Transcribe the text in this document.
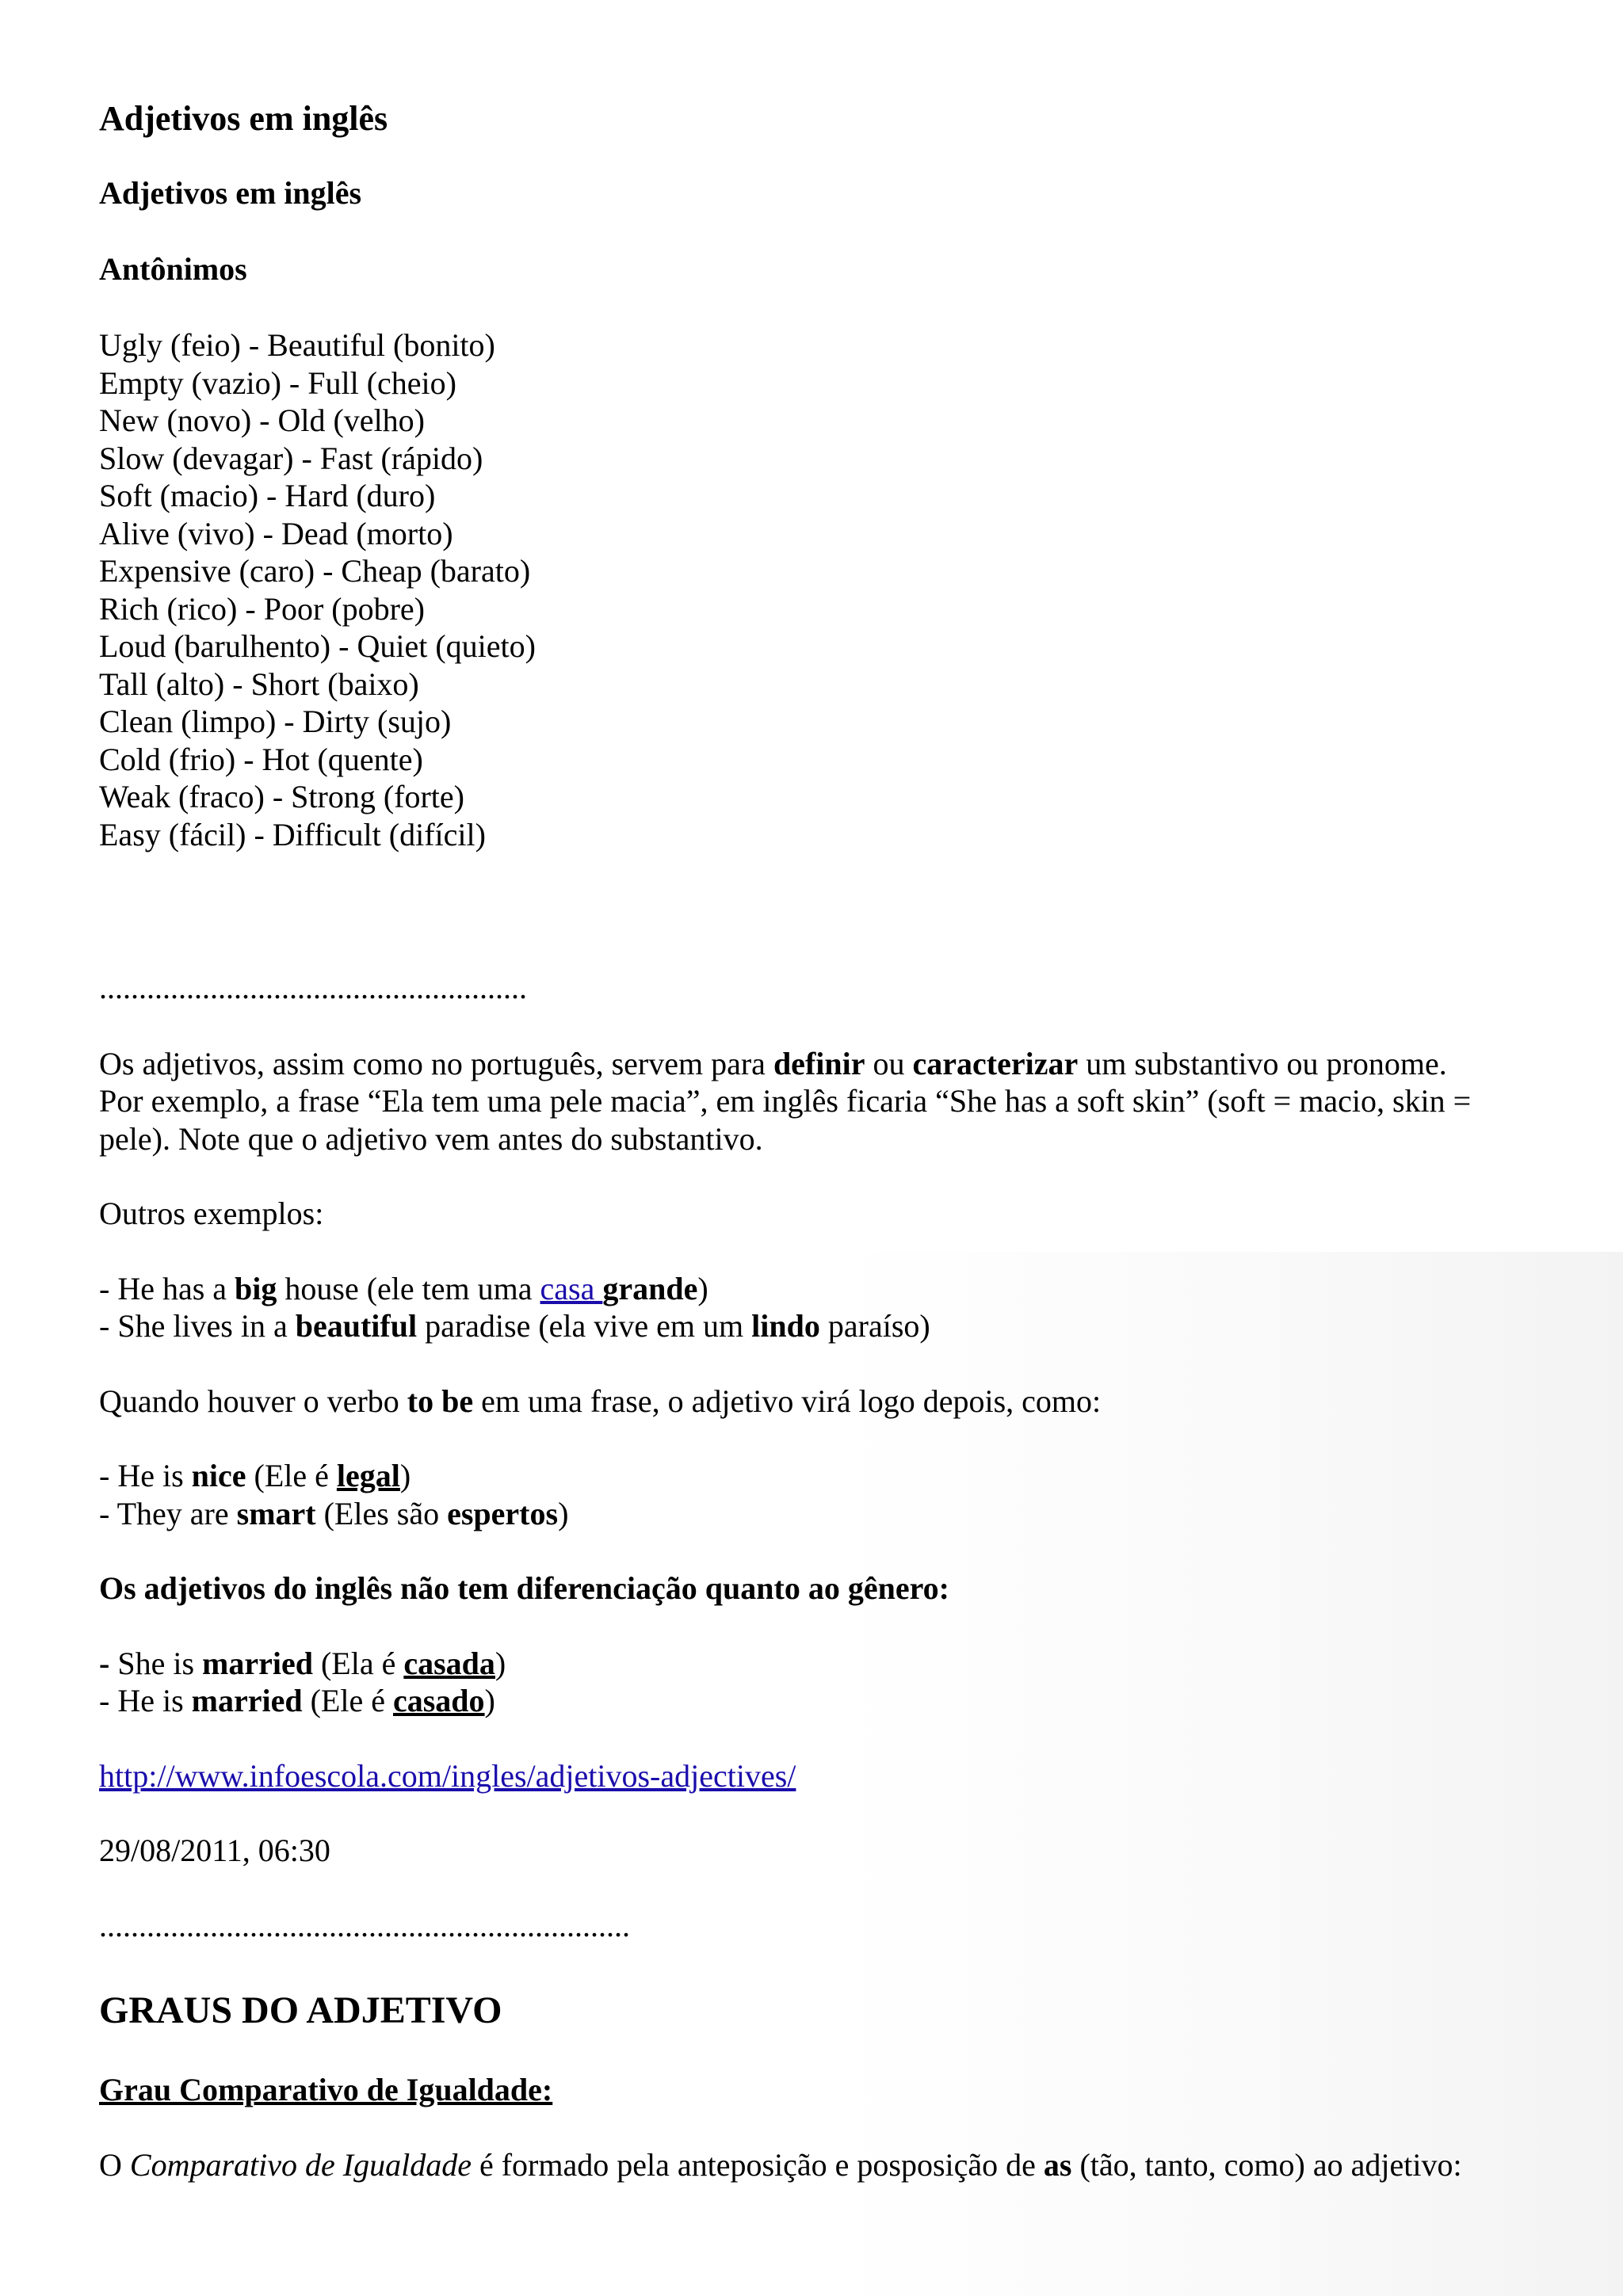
Adjetivos em inglês
Adjetivos em inglês
Antônimos
Ugly (feio) - Beautiful (bonito)
Empty (vazio) - Full (cheio)
New (novo) - Old (velho)
Slow (devagar) - Fast (rápido)
Soft (macio) - Hard (duro)
Alive (vivo) - Dead (morto)
Expensive (caro) - Cheap (barato)
Rich (rico) - Poor (pobre)
Loud (barulhento) - Quiet (quieto)
Tall (alto) - Short (baixo)
Clean (limpo) - Dirty (sujo)
Cold (frio) - Hot (quente)
Weak (fraco) - Strong (forte)
Easy (fácil) - Difficult (difícil)
......................................................

Os adjetivos, assim como no português, servem para definir ou caracterizar um substantivo ou pronome.

Por exemplo, a frase “Ela tem uma pele macia”, em inglês ficaria “She has a soft skin” (soft = macio, skin =

pele). Note que o adjetivo vem antes do substantivo.

Outros exemplos:

- He has a big house (ele tem uma casa grande)

- She lives in a beautiful paradise (ela vive em um lindo paraíso)

Quando houver o verbo to be em uma frase, o adjetivo virá logo depois, como:

- He is nice (Ele é legal)

- They are smart (Eles são espertos)

Os adjetivos do inglês não tem diferenciação quanto ao gênero:

- She is married (Ela é casada)

- He is married (Ele é casado)

http://www.infoescola.com/ingles/adjetivos-adjectives/

29/08/2011, 06:30

...................................................................

GRAUS DO ADJETIVO

Grau Comparativo de Igualdade:

O Comparativo de Igualdade é formado pela anteposição e posposição de as (tão, tanto, como) ao adjetivo:
